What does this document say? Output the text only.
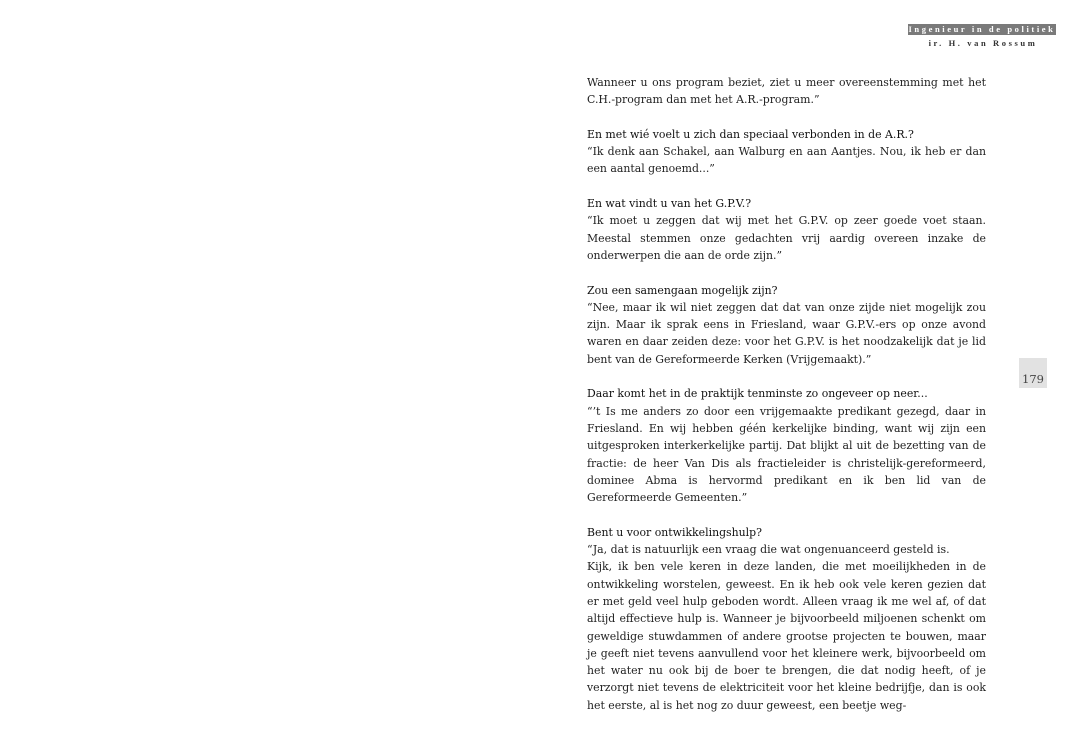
Ingenieur in de politiek
ir. H. van Rossum
179

Wanneer u ons program beziet, ziet u meer overeenstemming met het C.H.-program dan met het A.R.-program.”

En met wié voelt u zich dan speciaal verbonden in de A.R.?

“Ik denk aan Schakel, aan Walburg en aan Aantjes. Nou, ik heb er dan een aantal genoemd...”

En wat vindt u van het G.P.V.?

“Ik moet u zeggen dat wij met het G.P.V. op zeer goede voet staan. Meestal stemmen onze gedachten vrij aardig overeen inzake de onderwerpen die aan de orde zijn.”

Zou een samengaan mogelijk zijn?

“Nee, maar ik wil niet zeggen dat dat van onze zijde niet mogelijk zou zijn. Maar ik sprak eens in Friesland, waar G.P.V.-ers op onze avond waren en daar zeiden deze: voor het G.P.V. is het noodzakelijk dat je lid bent van de Gereformeerde Kerken (Vrijgemaakt).”

Daar komt het in de praktijk tenminste zo ongeveer op neer...

“’t Is me anders zo door een vrijgemaakte predikant gezegd, daar in Friesland. En wij hebben géén kerkelijke binding, want wij zijn een uitgesproken interkerkelijke partij. Dat blijkt al uit de bezetting van de fractie: de heer Van Dis als fractieleider is christelijk-gereformeerd, dominee Abma is hervormd predikant en ik ben lid van de Gereformeerde Gemeenten.”

Bent u voor ontwikkelingshulp?

“Ja, dat is natuurlijk een vraag die wat ongenuanceerd gesteld is.

Kijk, ik ben vele keren in deze landen, die met moeilijkheden in de ontwikkeling worstelen, geweest. En ik heb ook vele keren gezien dat er met geld veel hulp geboden wordt. Alleen vraag ik me wel af, of dat altijd effectieve hulp is. Wanneer je bijvoorbeeld miljoenen schenkt om geweldige stuwdammen of andere grootse projecten te bouwen, maar je geeft niet tevens aanvullend voor het kleinere werk, bijvoorbeeld om het water nu ook bij de boer te brengen, die dat nodig heeft, of je verzorgt niet tevens de elektriciteit voor het kleine bedrijfje, dan is ook het eerste, al is het nog zo duur geweest, een beetje weg-
